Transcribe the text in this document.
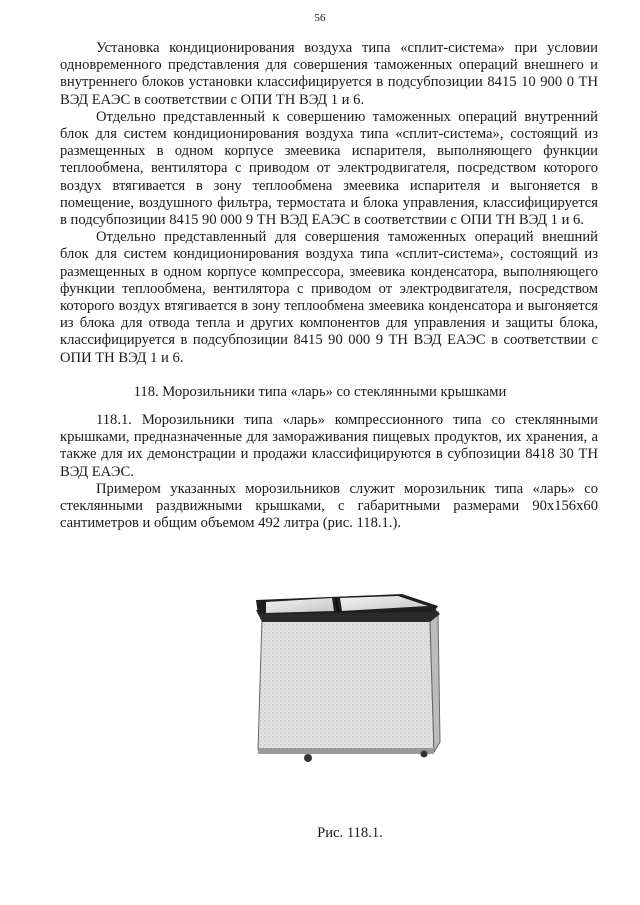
56

Установка кондиционирования воздуха типа «сплит-система» при условии одновременного представления для совершения таможенных операций внешнего и внутреннего блоков установки классифицируется в подсубпозиции 8415 10 900 0 ТН ВЭД ЕАЭС в соответствии с ОПИ ТН ВЭД 1 и 6.

Отдельно представленный к совершению таможенных операций внутренний блок для систем кондиционирования воздуха типа «сплит-система», состоящий из размещенных в одном корпусе змеевика испарителя, выполняющего функции теплообмена, вентилятора с приводом от электродвигателя, посредством которого воздух втягивается в зону теплообмена змеевика испарителя и выгоняется в помещение, воздушного фильтра, термостата и блока управления, классифицируется в подсубпозиции 8415 90 000 9 ТН ВЭД ЕАЭС в соответствии с ОПИ ТН ВЭД 1 и 6.

Отдельно представленный для совершения таможенных операций внешний блок для систем кондиционирования воздуха типа «сплит-система», состоящий из размещенных в одном корпусе компрессора, змеевика конденсатора, выполняющего функции теплообмена, вентилятора с приводом от электродвигателя, посредством которого воздух втягивается в зону теплообмена змеевика конденсатора и выгоняется из блока для отвода тепла и других компонентов для управления и защиты блока, классифицируется в подсубпозиции 8415 90 000 9 ТН ВЭД ЕАЭС в соответствии с ОПИ ТН ВЭД 1 и 6.

118. Морозильники типа «ларь» со стеклянными крышками

118.1. Морозильники типа «ларь» компрессионного типа со стеклянными крышками, предназначенные для замораживания пищевых продуктов, их хранения, а также для их демонстрации и продажи классифицируются в субпозиции 8418 30 ТН ВЭД ЕАЭС.

Примером указанных морозильников служит морозильник типа «ларь» со стеклянными раздвижными крышками, с габаритными размерами 90x156x60 сантиметров и общим объемом 492 литра (рис. 118.1.).

Рис. 118.1.
